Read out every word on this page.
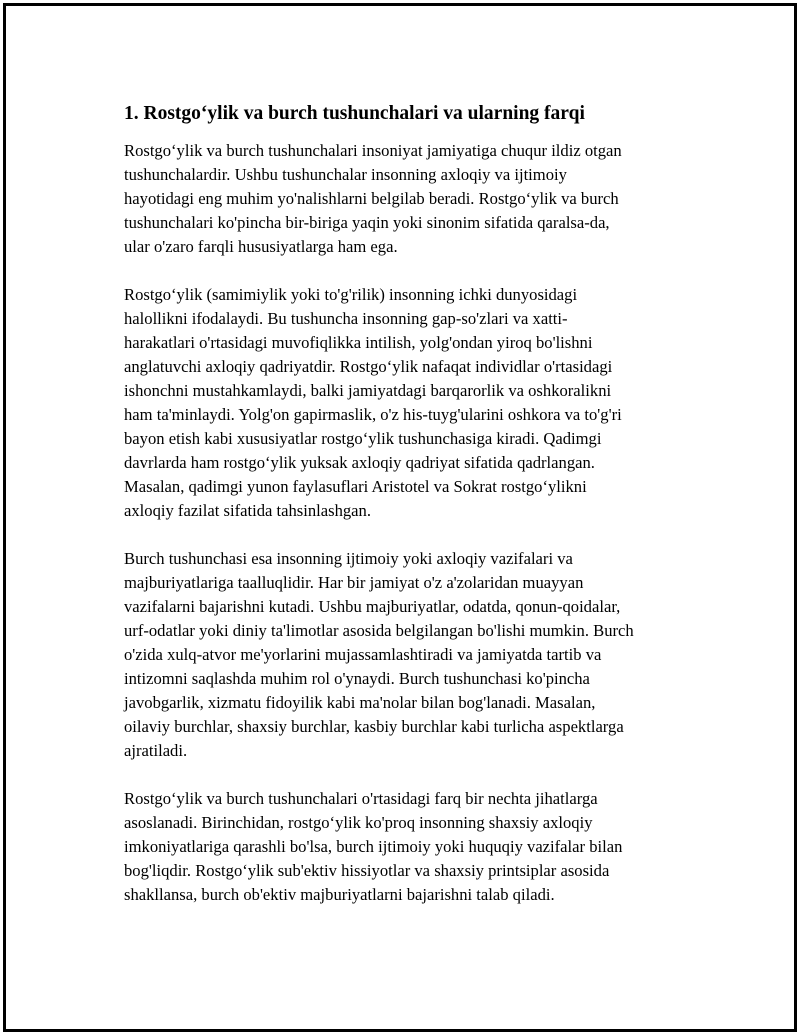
1. Rostgo‘ylik va burch tushunchalari va ularning farqi
Rostgo‘ylik va burch tushunchalari insoniyat jamiyatiga chuqur ildiz otgan
tushunchalardir. Ushbu tushunchalar insonning axloqiy va ijtimoiy
hayotidagi eng muhim yo'nalishlarni belgilab beradi. Rostgo‘ylik va burch
tushunchalari ko'pincha bir-biriga yaqin yoki sinonim sifatida qaralsa-da,
ular o'zaro farqli hususiyatlarga ham ega.
Rostgo‘ylik (samimiylik yoki to'g'rilik) insonning ichki dunyosidagi
halollikni ifodalaydi. Bu tushuncha insonning gap-so'zlari va xatti-
harakatlari o'rtasidagi muvofiqlikka intilish, yolg'ondan yiroq bo'lishni
anglatuvchi axloqiy qadriyatdir. Rostgo‘ylik nafaqat individlar o'rtasidagi
ishonchni mustahkamlaydi, balki jamiyatdagi barqarorlik va oshkoralikni
ham ta'minlaydi. Yolg'on gapirmaslik, o'z his-tuyg'ularini oshkora va to'g'ri
bayon etish kabi xususiyatlar rostgo‘ylik tushunchasiga kiradi. Qadimgi
davrlarda ham rostgo‘ylik yuksak axloqiy qadriyat sifatida qadrlangan.
Masalan, qadimgi yunon faylasuflari Aristotel va Sokrat rostgo‘ylikni
axloqiy fazilat sifatida tahsinlashgan.
Burch tushunchasi esa insonning ijtimoiy yoki axloqiy vazifalari va
majburiyatlariga taalluqlidir. Har bir jamiyat o'z a'zolaridan muayyan
vazifalarni bajarishni kutadi. Ushbu majburiyatlar, odatda, qonun-qoidalar,
urf-odatlar yoki diniy ta'limotlar asosida belgilangan bo'lishi mumkin. Burch
o'zida xulq-atvor me'yorlarini mujassamlashtiradi va jamiyatda tartib va
intizomni saqlashda muhim rol o'ynaydi. Burch tushunchasi ko'pincha
javobgarlik, xizmatu fidoyilik kabi ma'nolar bilan bog'lanadi. Masalan,
oilaviy burchlar, shaxsiy burchlar, kasbiy burchlar kabi turlicha aspektlarga
ajratiladi.
Rostgo‘ylik va burch tushunchalari o'rtasidagi farq bir nechta jihatlarga
asoslanadi. Birinchidan, rostgo‘ylik ko'proq insonning shaxsiy axloqiy
imkoniyatlariga qarashli bo'lsa, burch ijtimoiy yoki huquqiy vazifalar bilan
bog'liqdir. Rostgo‘ylik sub'ektiv hissiyotlar va shaxsiy printsiplar asosida
shakllansa, burch ob'ektiv majburiyatlarni bajarishni talab qiladi.
